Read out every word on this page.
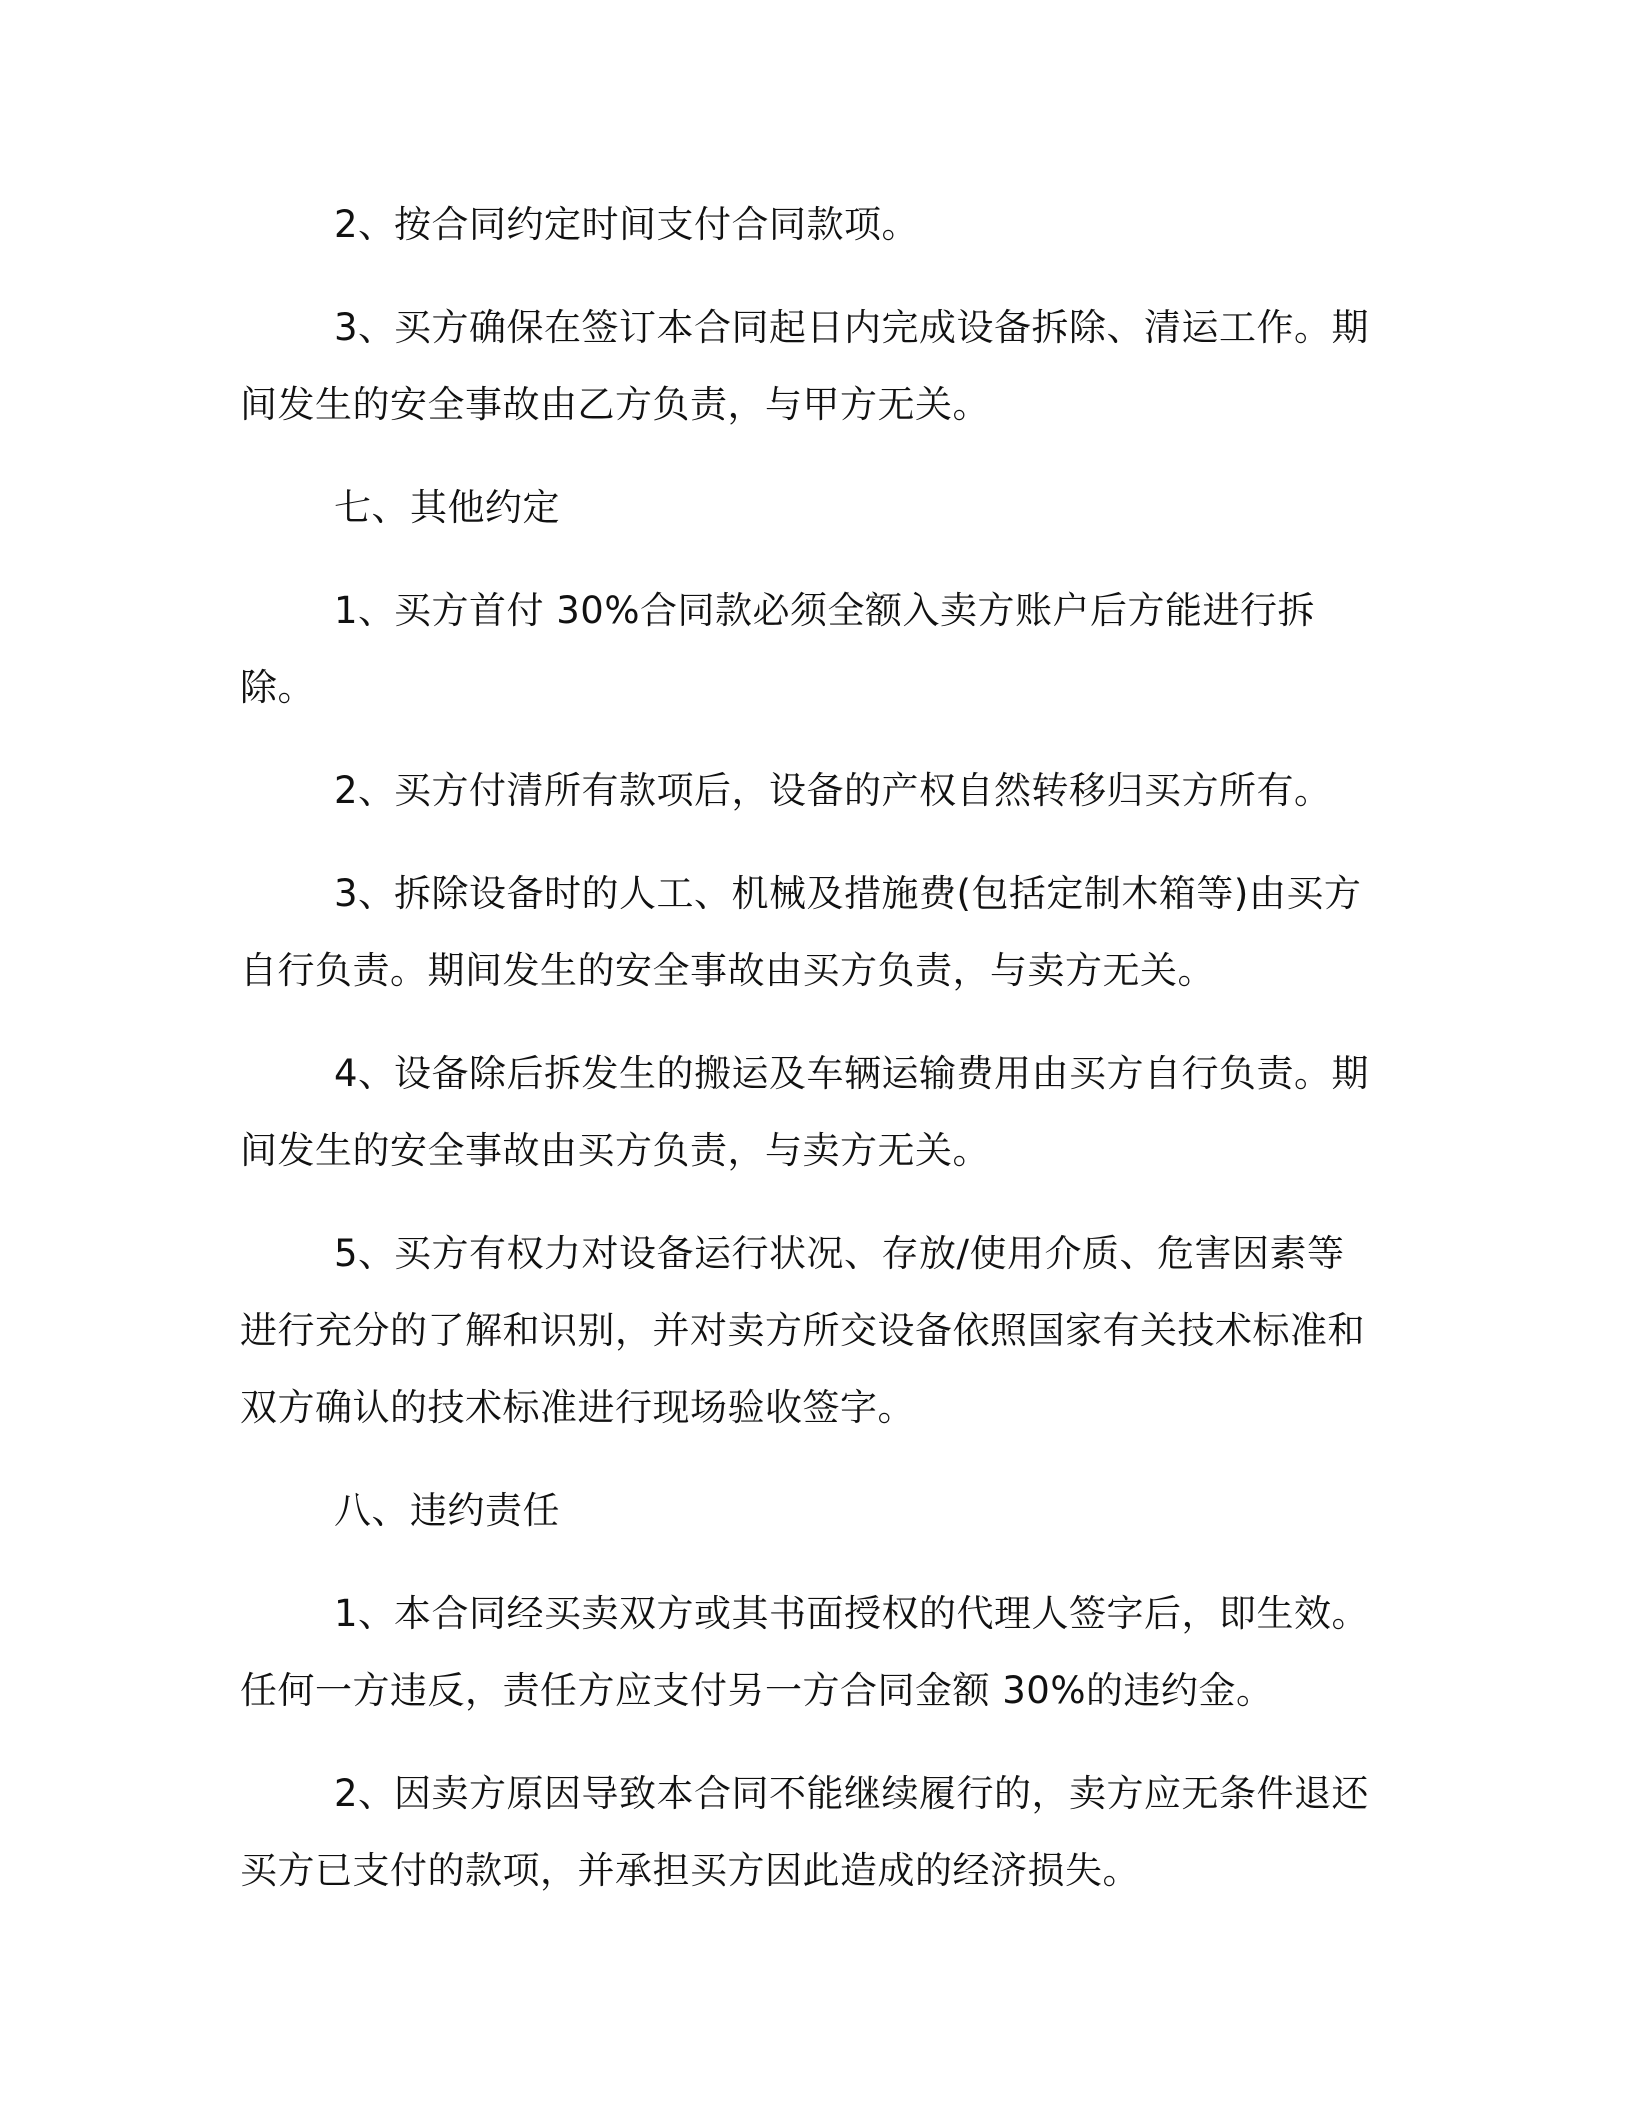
2、按合同约定时间支付合同款项。

3、买方确保在签订本合同起日内完成设备拆除、清运工作。期间发生的安全事故由乙方负责，与甲方无关。

七、其他约定

1、买方首付 30%合同款必须全额入卖方账户后方能进行拆除。

2、买方付清所有款项后，设备的产权自然转移归买方所有。

3、拆除设备时的人工、机械及措施费(包括定制木箱等)由买方自行负责。期间发生的安全事故由买方负责，与卖方无关。

4、设备除后拆发生的搬运及车辆运输费用由买方自行负责。期间发生的安全事故由买方负责，与卖方无关。

5、买方有权力对设备运行状况、存放/使用介质、危害因素等进行充分的了解和识别，并对卖方所交设备依照国家有关技术标准和双方确认的技术标准进行现场验收签字。

八、违约责任

1、本合同经买卖双方或其书面授权的代理人签字后，即生效。任何一方违反，责任方应支付另一方合同金额 30%的违约金。

2、因卖方原因导致本合同不能继续履行的，卖方应无条件退还买方已支付的款项，并承担买方因此造成的经济损失。
